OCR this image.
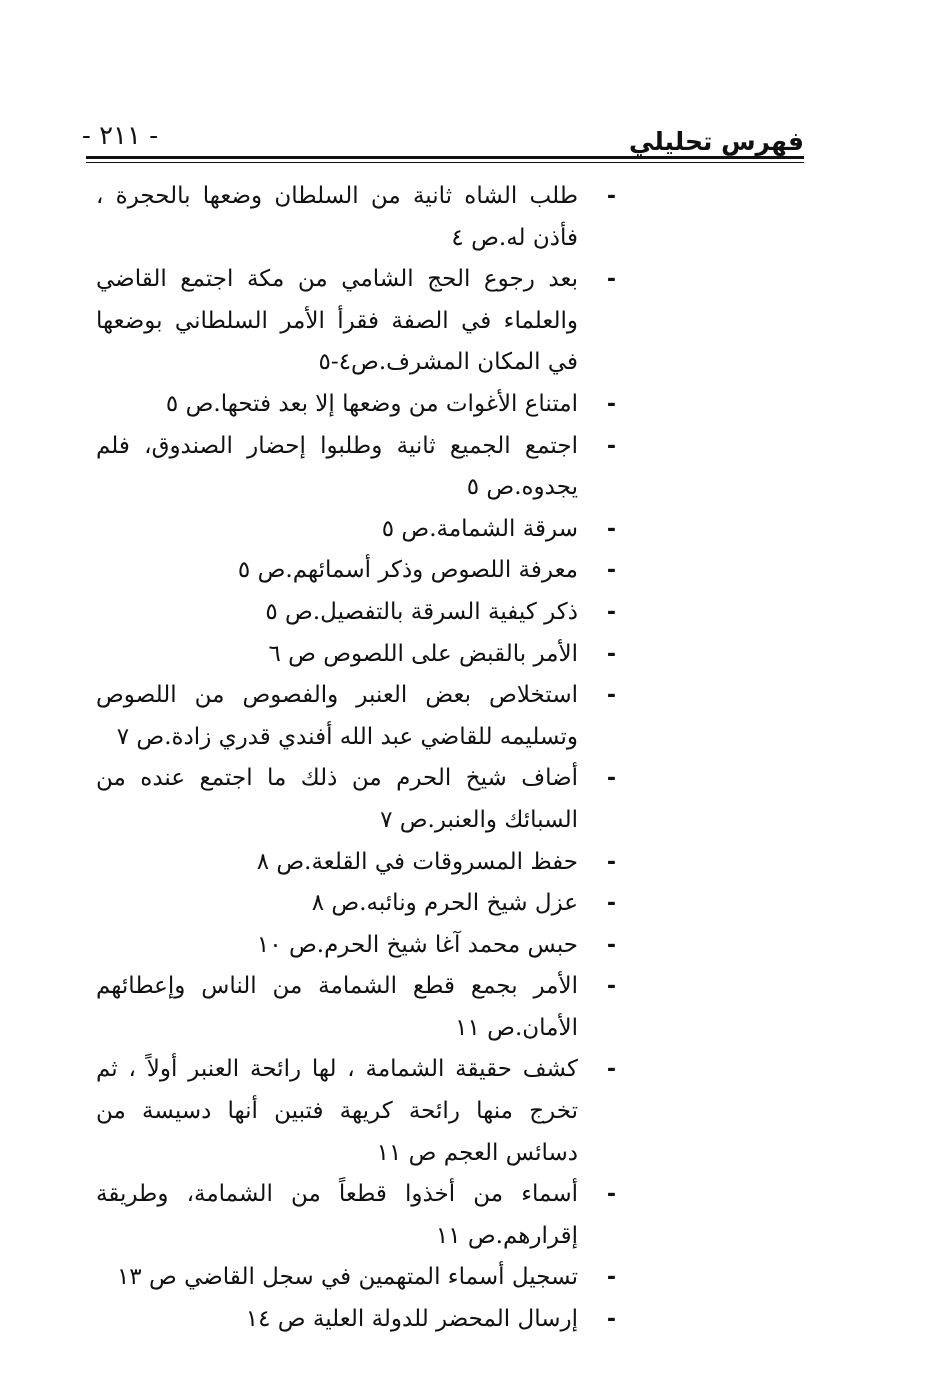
فهرس تحليلي
- ٢١١ -
-
طلب الشاه ثانية من السلطان وضعها بالحجرة ، فأذن له.ص ٤
-
بعد رجوع الحج الشامي من مكة اجتمع القاضي والعلماء في الصفة فقرأ الأمر السلطاني بوضعها في المكان المشرف.ص٤-٥
-
امتناع الأغوات من وضعها إلا بعد فتحها.ص ٥
-
اجتمع الجميع ثانية وطلبوا إحضار الصندوق، فلم يجدوه.ص ٥
-
سرقة الشمامة.ص ٥
-
معرفة اللصوص وذكر أسمائهم.ص ٥
-
ذكر كيفية السرقة بالتفصيل.ص ٥
-
الأمر بالقبض على اللصوص ص ٦
-
استخلاص بعض العنبر والفصوص من اللصوص وتسليمه للقاضي عبد الله أفندي قدري زادة.ص ٧
-
أضاف شيخ الحرم من ذلك ما اجتمع عنده من السبائك والعنبر.ص ٧
-
حفظ المسروقات في القلعة.ص ٨
-
عزل شيخ الحرم ونائبه.ص ٨
-
حبس محمد آغا شيخ الحرم.ص ١٠
-
الأمر بجمع قطع الشمامة من الناس وإعطائهم الأمان.ص ١١
-
كشف حقيقة الشمامة ، لها رائحة العنبر أولاً ، ثم تخرج منها رائحة كريهة فتبين أنها دسيسة من دسائس العجم ص ١١
-
أسماء من أخذوا قطعاً من الشمامة، وطريقة إقرارهم.ص ١١
-
تسجيل أسماء المتهمين في سجل القاضي ص ١٣
-
إرسال المحضر للدولة العلية ص ١٤
